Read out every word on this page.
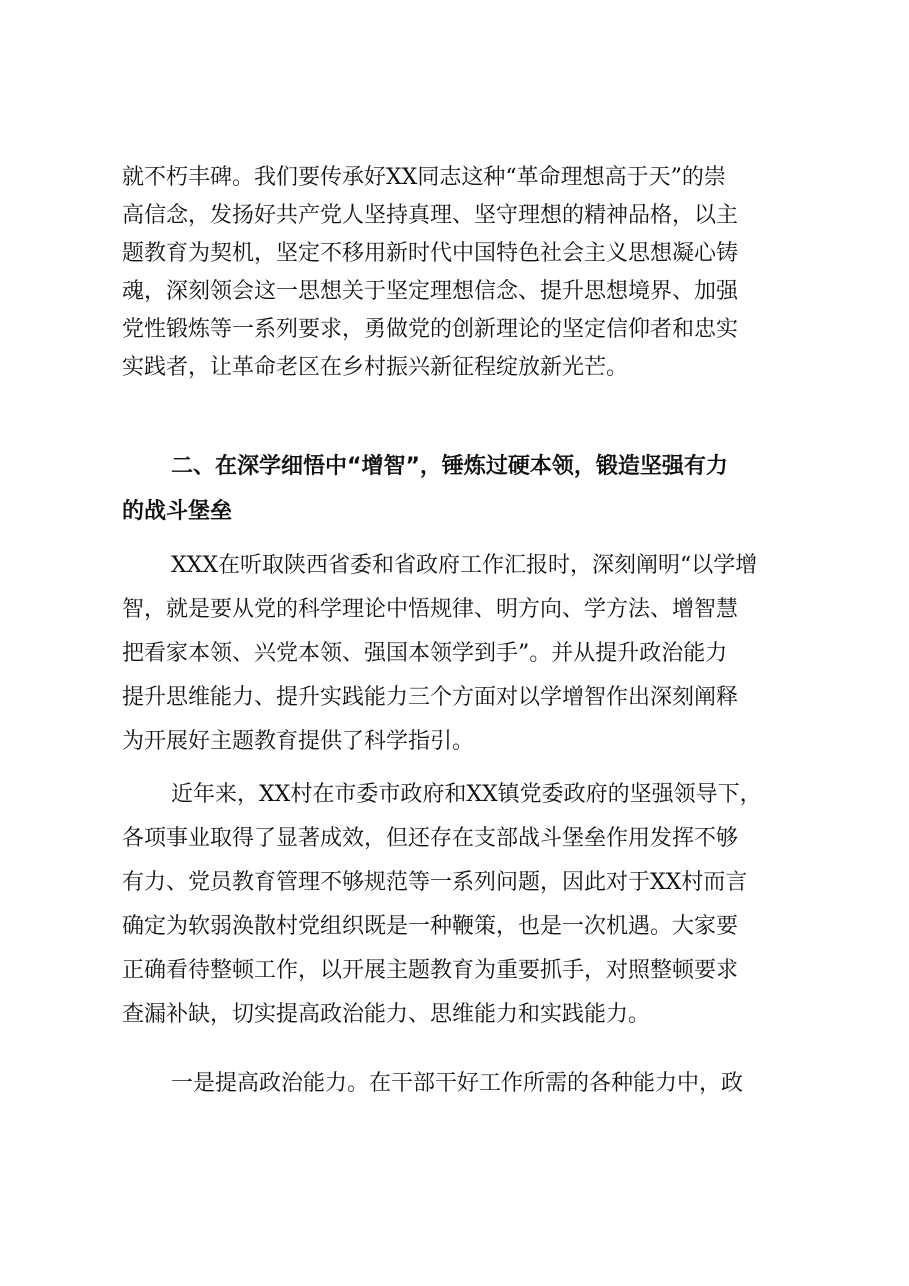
就不朽丰碑。我们要传承好XX同志这种“革命理想高于天”的崇
高信念，发扬好共产党人坚持真理、坚守理想的精神品格，以主
题教育为契机，坚定不移用新时代中国特色社会主义思想凝心铸
魂，深刻领会这一思想关于坚定理想信念、提升思想境界、加强
党性锻炼等一系列要求，勇做党的创新理论的坚定信仰者和忠实
实践者，让革命老区在乡村振兴新征程绽放新光芒。
二、在深学细悟中“增智”，锤炼过硬本领，锻造坚强有力
的战斗堡垒
XXX在听取陕西省委和省政府工作汇报时，深刻阐明“以学增
智，就是要从党的科学理论中悟规律、明方向、学方法、增智慧
把看家本领、兴党本领、强国本领学到手”。并从提升政治能力
提升思维能力、提升实践能力三个方面对以学增智作出深刻阐释
为开展好主题教育提供了科学指引。
近年来，XX村在市委市政府和XX镇党委政府的坚强领导下，
各项事业取得了显著成效，但还存在支部战斗堡垒作用发挥不够
有力、党员教育管理不够规范等一系列问题，因此对于XX村而言
确定为软弱涣散村党组织既是一种鞭策，也是一次机遇。大家要
正确看待整顿工作，以开展主题教育为重要抓手，对照整顿要求
查漏补缺，切实提高政治能力、思维能力和实践能力。
一是提高政治能力。在干部干好工作所需的各种能力中，政
